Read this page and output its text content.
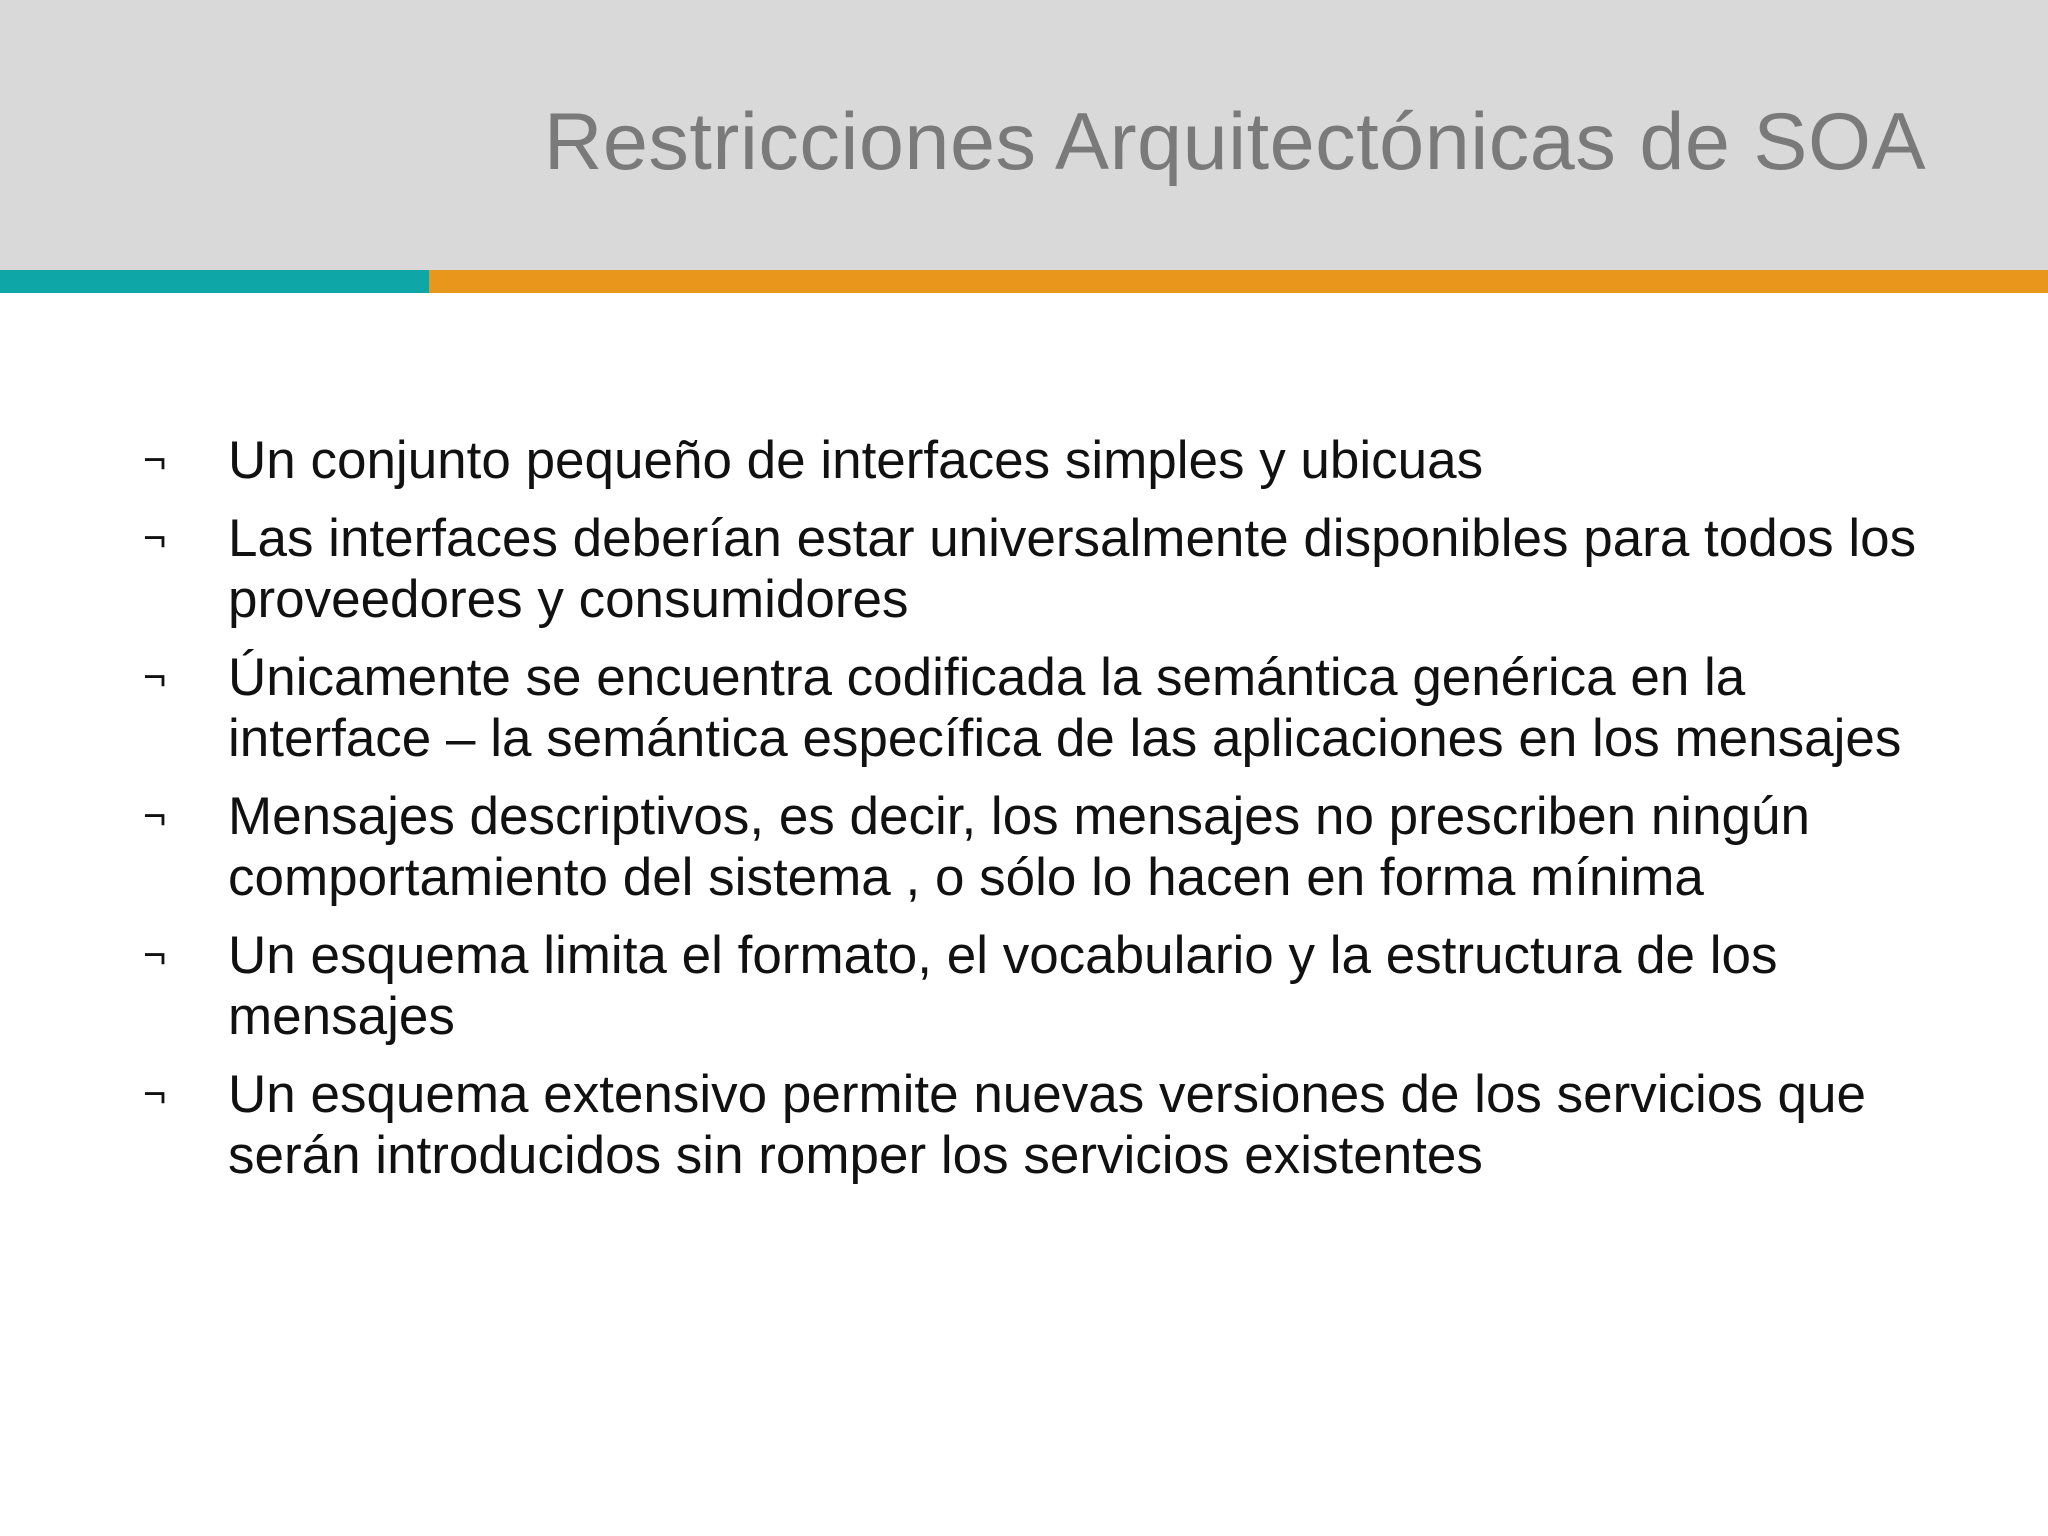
Restricciones Arquitectónicas de SOA
¬ Un conjunto pequeño de interfaces simples y ubicuas
¬ Las interfaces deberían estar universalmente disponibles para todos los proveedores y consumidores
¬ Únicamente se encuentra codificada la semántica genérica en la interface – la semántica específica de las aplicaciones en los mensajes
¬ Mensajes descriptivos, es decir, los mensajes no prescriben ningún comportamiento del sistema , o sólo lo hacen en forma mínima
¬ Un esquema limita el formato, el vocabulario y la estructura de los mensajes
¬ Un esquema extensivo permite nuevas versiones de los servicios que serán introducidos sin romper los servicios existentes
